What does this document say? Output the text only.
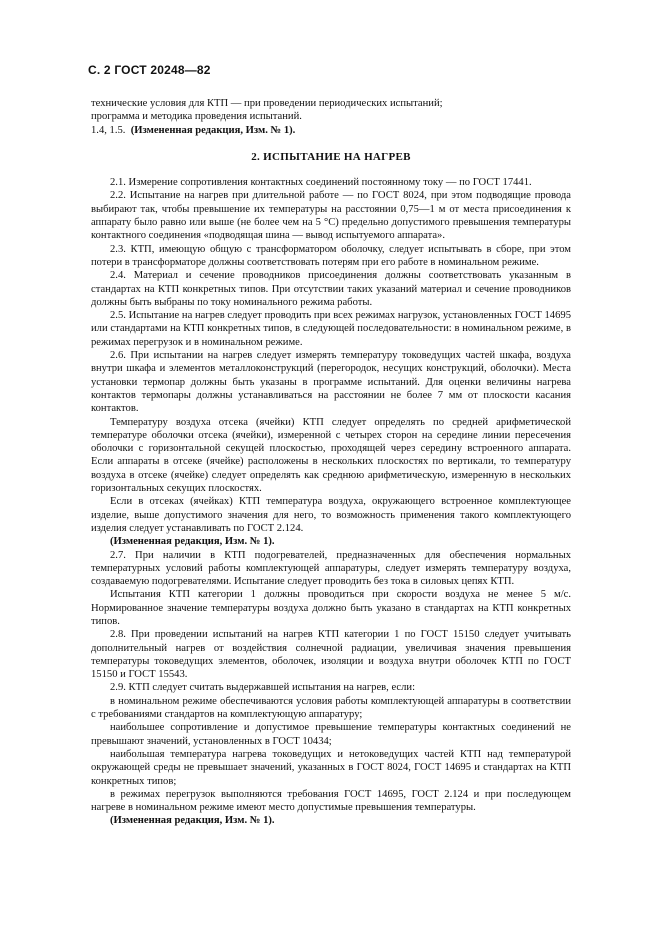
С. 2 ГОСТ 20248—82

технические условия для КТП — при проведении периодических испытаний;

программа и методика проведения испытаний.

1.4, 1.5. (Измененная редакция, Изм. № 1).

2. ИСПЫТАНИЕ НА НАГРЕВ

2.1. Измерение сопротивления контактных соединений постоянному току — по ГОСТ 17441.

2.2. Испытание на нагрев при длительной работе — по ГОСТ 8024, при этом подводящие провода выбирают так, чтобы превышение их температуры на расстоянии 0,75—1 м от места присоединения к аппарату было равно или выше (не более чем на 5 °С) предельно допустимого превышения температуры контактного соединения «подводящая шина — вывод испытуемого аппарата».

2.3. КТП, имеющую общую с трансформатором оболочку, следует испытывать в сборе, при этом потери в трансформаторе должны соответствовать потерям при его работе в номинальном режиме.

2.4. Материал и сечение проводников присоединения должны соответствовать указанным в стандартах на КТП конкретных типов. При отсутствии таких указаний материал и сечение проводников должны быть выбраны по току номинального режима работы.

2.5. Испытание на нагрев следует проводить при всех режимах нагрузок, установленных ГОСТ 14695 или стандартами на КТП конкретных типов, в следующей последовательности: в номинальном режиме, в режимах перегрузок и в номинальном режиме.

2.6. При испытании на нагрев следует измерять температуру токоведущих частей шкафа, воздуха внутри шкафа и элементов металлоконструкций (перегородок, несущих конструкций, оболочки). Места установки термопар должны быть указаны в программе испытаний. Для оценки величины нагрева контактов термопары должны устанавливаться на расстоянии не более 7 мм от плоскости касания контактов.

Температуру воздуха отсека (ячейки) КТП следует определять по средней арифметической температуре оболочки отсека (ячейки), измеренной с четырех сторон на середине линии пересечения оболочки с горизонтальной секущей плоскостью, проходящей через середину встроенного аппарата. Если аппараты в отсеке (ячейке) расположены в нескольких плоскостях по вертикали, то температуру воздуха в отсеке (ячейке) следует определять как среднюю арифметическую, измеренную в нескольких горизонтальных секущих плоскостях.

Если в отсеках (ячейках) КТП температура воздуха, окружающего встроенное комплектующее изделие, выше допустимого значения для него, то возможность применения такого комплектующего изделия следует устанавливать по ГОСТ 2.124.

(Измененная редакция, Изм. № 1).

2.7. При наличии в КТП подогревателей, предназначенных для обеспечения нормальных температурных условий работы комплектующей аппаратуры, следует измерять температуру воздуха, создаваемую подогревателями. Испытание следует проводить без тока в силовых цепях КТП.

Испытания КТП категории 1 должны проводиться при скорости воздуха не менее 5 м/с. Нормированное значение температуры воздуха должно быть указано в стандартах на КТП конкретных типов.

2.8. При проведении испытаний на нагрев КТП категории 1 по ГОСТ 15150 следует учитывать дополнительный нагрев от воздействия солнечной радиации, увеличивая значения превышения температуры токоведущих элементов, оболочек, изоляции и воздуха внутри оболочек КТП по ГОСТ 15150 и ГОСТ 15543.

2.9. КТП следует считать выдержавшей испытания на нагрев, если:

в номинальном режиме обеспечиваются условия работы комплектующей аппаратуры в соответствии с требованиями стандартов на комплектующую аппаратуру;

наибольшее сопротивление и допустимое превышение температуры контактных соединений не превышают значений, установленных в ГОСТ 10434;

наибольшая температура нагрева токоведущих и нетоковедущих частей КТП над температурой окружающей среды не превышает значений, указанных в ГОСТ 8024, ГОСТ 14695 и стандартах на КТП конкретных типов;

в режимах перегрузок выполняются требования ГОСТ 14695, ГОСТ 2.124 и при последующем нагреве в номинальном режиме имеют место допустимые превышения температуры.

(Измененная редакция, Изм. № 1).
